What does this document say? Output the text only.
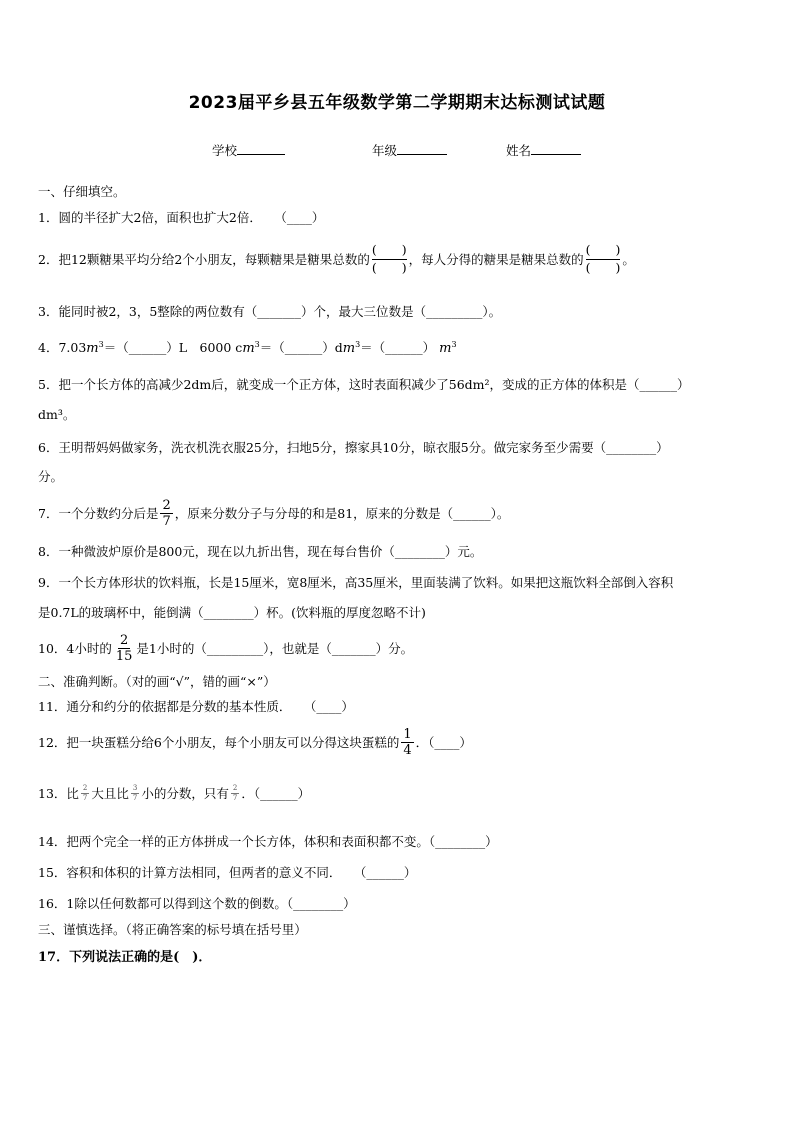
2023届平乡县五年级数学第二学期期末达标测试试题
学校	年级	姓名
一、仔细填空。
1．圆的半径扩大2倍，面积也扩大2倍．　　（____）
2．把12颗糖果平均分给2个小朋友，每颗糖果是糖果总数的
(　　)
(　　) ，每人分得的糖果是糖果总数的
(　　)
(　　) 。
3．能同时被2，3，5整除的两位数有（_______）个，最大三位数是（_________）。
4．$7.03m^3=(\_\_\_\_\_\_)L$　6000 $cm^3=(\_\_\_\_\_\_)dm^3=(\_\_\_\_\_\_)$ $m^3$
5．把一个长方体的高减少2dm后，就变成一个正方体，这时表面积减少了56dm²，变成的正方体的体积是（______）
dm³。
6．王明帮妈妈做家务，洗衣机洗衣服25分，扫地5分，擦家具10分，晾衣服5分。做完家务至少需要（________）
分。
7．一个分数约分后是 $\frac{2}{7}$ ，原来分数分子与分母的和是81，原来的分数是（______）。
8．一种微波炉原价是800元，现在以九折出售，现在每台售价（________）元。
9．一个长方体形状的饮料瓶，长是15厘米，宽8厘米，高35厘米，里面装满了饮料。如果把这瓶饮料全部倒入容积
是0.7L的玻璃杯中，能倒满（________）杯。(饮料瓶的厚度忽略不计)
10．4小时的 $\frac{2}{15}$ 是1小时的（_________），也就是（_______）分。
二、准确判断。（对的画“√”，错的画“×”）
11．通分和约分的依据都是分数的基本性质．　　（____）
12．把一块蛋糕分给6个小朋友，每个小朋友可以分得这块蛋糕的 $\frac{1}{4}$ ．（____）
13．比 $\frac{2}{7}$ 大且比 $\frac{3}{7}$ 小的分数，只有 $\frac{2}{7}$ ．（______）
14．把两个完全一样的正方体拼成一个长方体，体积和表面积都不变。（________）
15．容积和体积的计算方法相同，但两者的意义不同．　　（______）
16．1除以任何数都可以得到这个数的倒数。（________）
三、谨慎选择。（将正确答案的标号填在括号里）
17．下列说法正确的是(　)．
